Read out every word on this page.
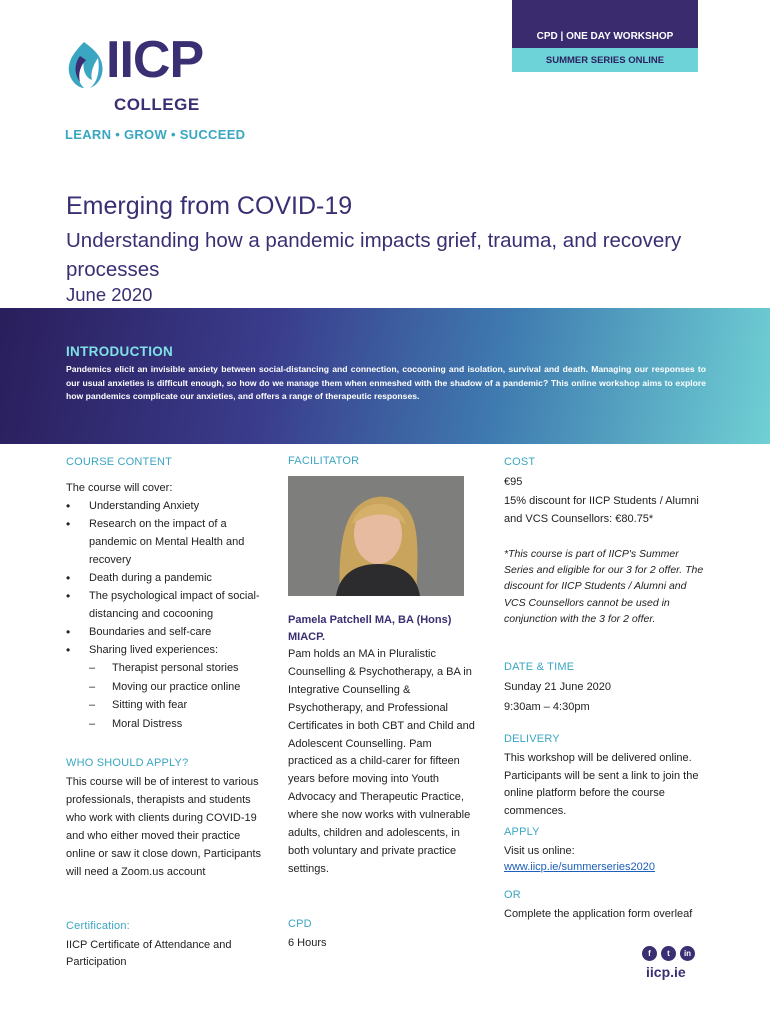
CPD | ONE DAY WORKSHOP
SUMMER SERIES ONLINE
IICP
COLLEGE
LEARN • GROW • SUCCEED
Emerging from COVID-19
Understanding how a pandemic impacts grief, trauma, and recovery processes
June 2020
INTRODUCTION
Pandemics elicit an invisible anxiety between social-distancing and connection, cocooning and isolation, survival and death. Managing our responses to our usual anxieties is difficult enough, so how do we manage them when enmeshed with the shadow of a pandemic? This online workshop aims to explore how pandemics complicate our anxieties, and offers a range of therapeutic responses.
COURSE CONTENT
The course will cover:
• Understanding Anxiety
• Research on the impact of a pandemic on Mental Health and recovery
• Death during a pandemic
• The psychological impact of social-distancing and cocooning
• Boundaries and self-care
• Sharing lived experiences:
– Therapist personal stories
– Moving our practice online
– Sitting with fear
– Moral Distress
WHO SHOULD APPLY?
This course will be of interest to various professionals, therapists and students who work with clients during COVID-19 and who either moved their practice online or saw it close down, Participants will need a Zoom.us account
Certification:
IICP Certificate of Attendance and Participation
FACILITATOR
Pamela Patchell MA, BA (Hons) MIACP.
Pam holds an MA in Pluralistic Counselling & Psychotherapy, a BA in Integrative Counselling & Psychotherapy, and Professional Certificates in both CBT and Child and Adolescent Counselling. Pam practiced as a child-carer for fifteen years before moving into Youth Advocacy and Therapeutic Practice, where she now works with vulnerable adults, children and adolescents, in both voluntary and private practice settings.
CPD
6 Hours
COST
€95
15% discount for IICP Students / Alumni and VCS Counsellors: €80.75*
*This course is part of IICP's Summer Series and eligible for our 3 for 2 offer. The discount for IICP Students / Alumni and VCS Counsellors cannot be used in conjunction with the 3 for 2 offer.
DATE & TIME
Sunday 21 June 2020
9:30am – 4:30pm
DELIVERY
This workshop will be delivered online. Participants will be sent a link to join the online platform before the course commences.
APPLY
Visit us online:
www.iicp.ie/summerseries2020
OR
Complete the application form overleaf
f	t	in
iicp.ie
